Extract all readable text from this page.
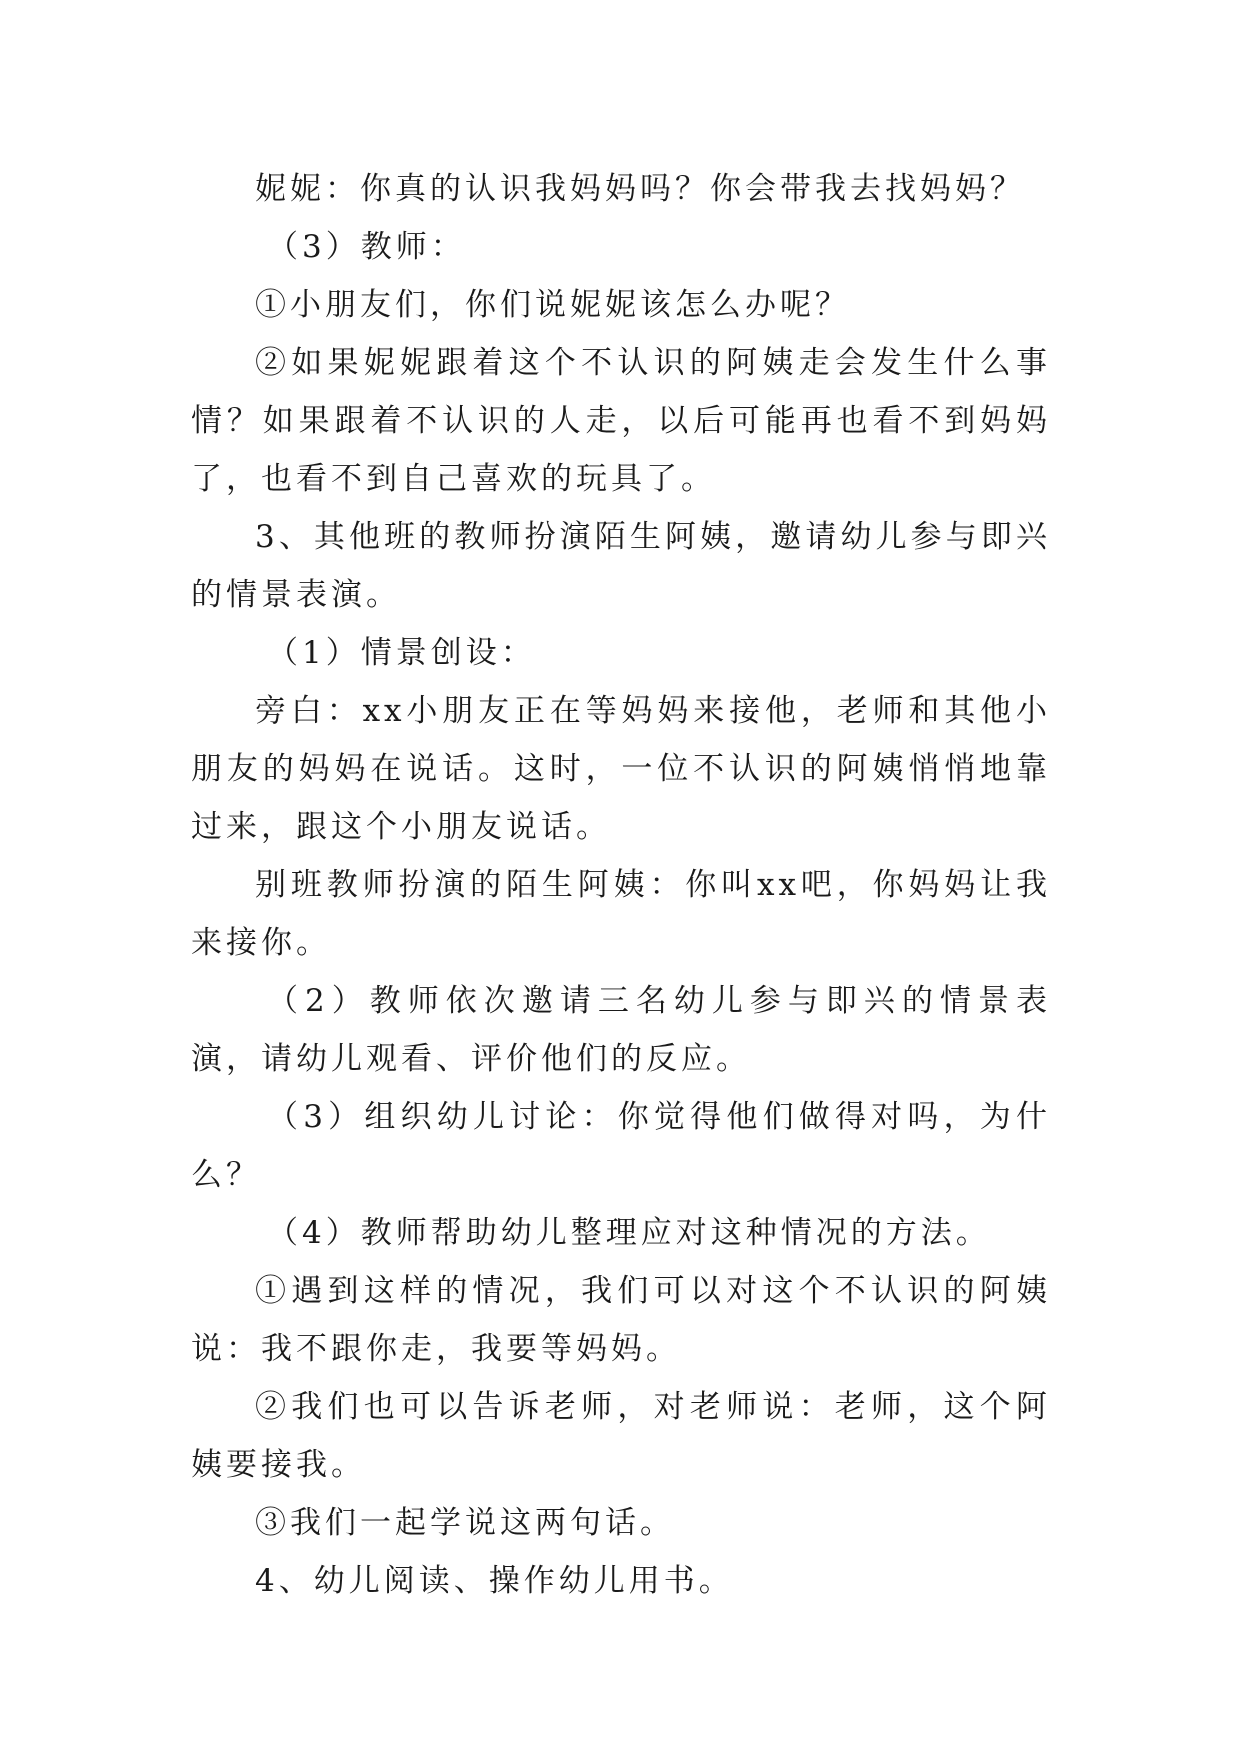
妮妮：你真的认识我妈妈吗？你会带我去找妈妈？

（3）教师：

①小朋友们，你们说妮妮该怎么办呢？

②如果妮妮跟着这个不认识的阿姨走会发生什么事情？如果跟着不认识的人走，以后可能再也看不到妈妈了，也看不到自己喜欢的玩具了。

3、其他班的教师扮演陌生阿姨，邀请幼儿参与即兴的情景表演。

（1）情景创设：

旁白：xx小朋友正在等妈妈来接他，老师和其他小朋友的妈妈在说话。这时，一位不认识的阿姨悄悄地靠过来，跟这个小朋友说话。

别班教师扮演的陌生阿姨：你叫xx吧，你妈妈让我来接你。

（2）教师依次邀请三名幼儿参与即兴的情景表演，请幼儿观看、评价他们的反应。

（3）组织幼儿讨论：你觉得他们做得对吗，为什么？

（4）教师帮助幼儿整理应对这种情况的方法。

①遇到这样的情况，我们可以对这个不认识的阿姨说：我不跟你走，我要等妈妈。

②我们也可以告诉老师，对老师说：老师，这个阿姨要接我。

③我们一起学说这两句话。

4、幼儿阅读、操作幼儿用书。
